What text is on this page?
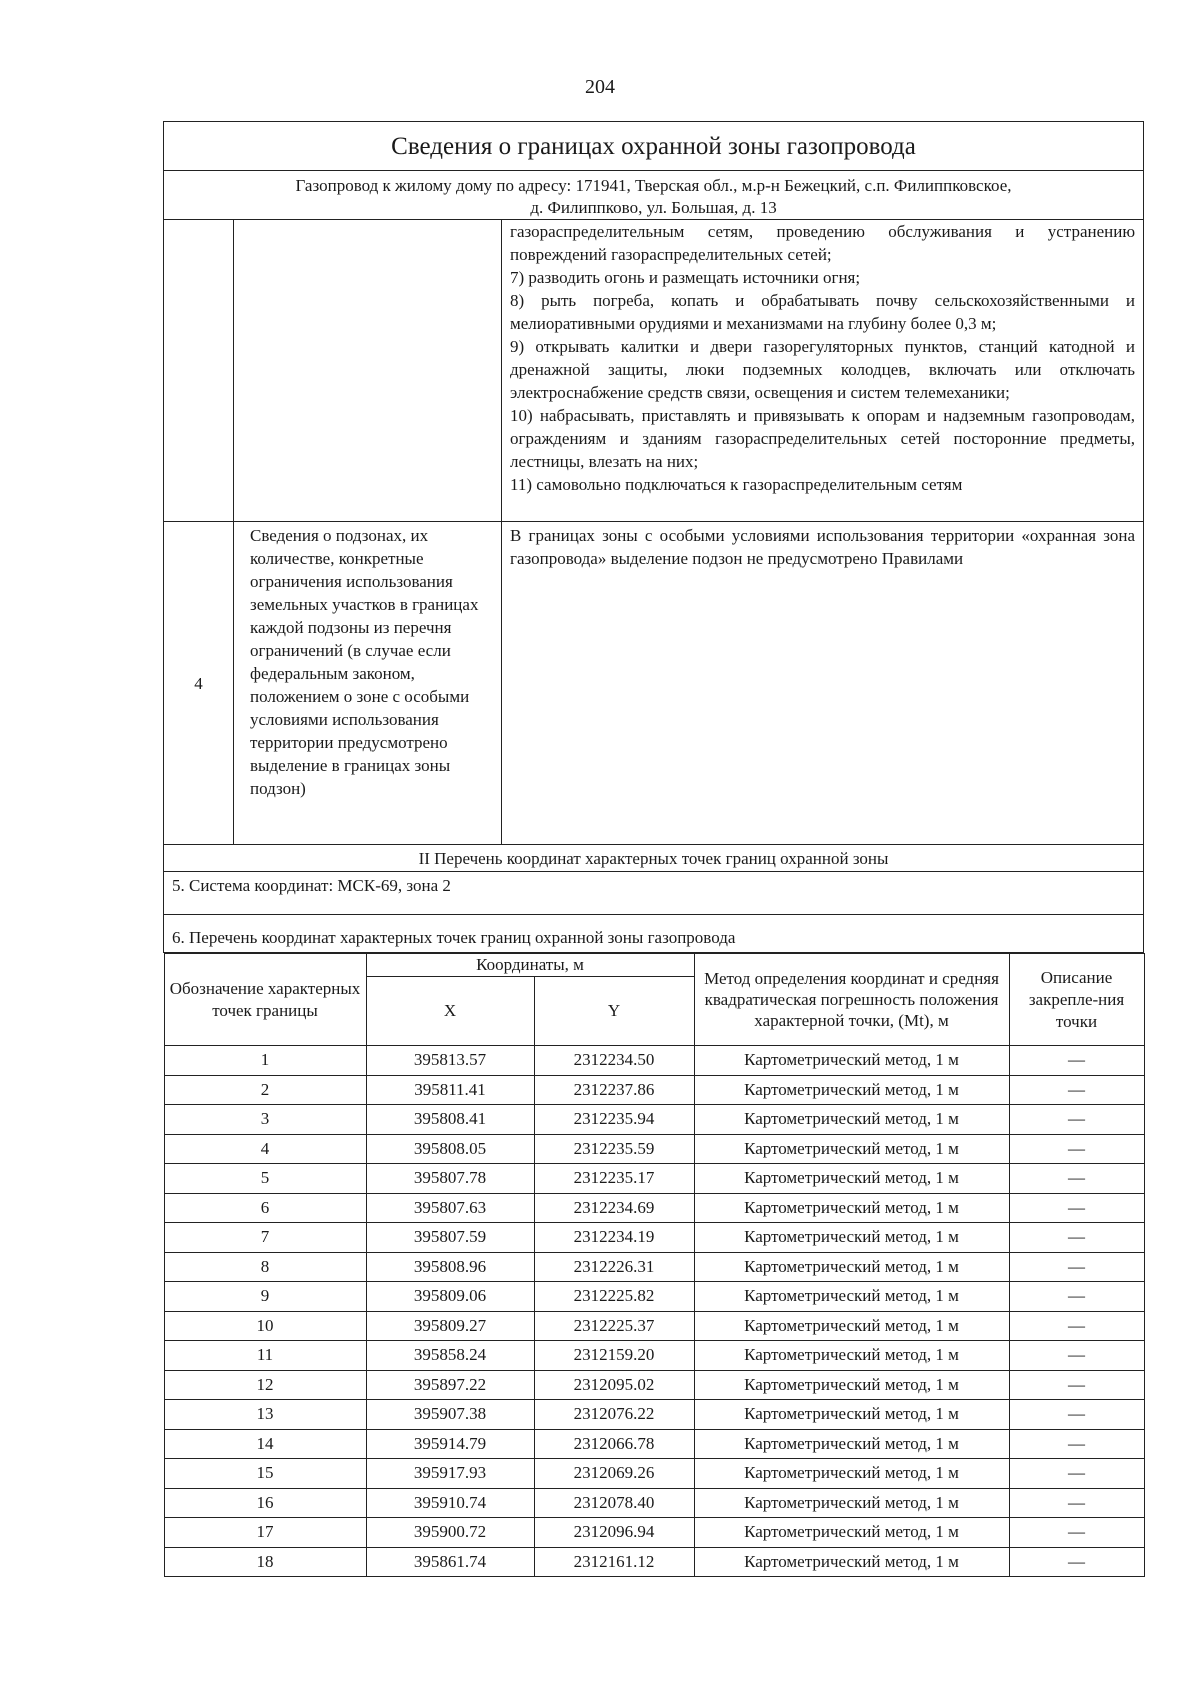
204
Сведения о границах охранной зоны газопровода

Газопровод к жилому дому по адресу: 171941, Тверская обл., м.р-н Бежецкий, с.п. Филиппковское,
д. Филиппково, ул. Большая, д. 13

газораспределительным сетям, проведению обслуживания и устранению повреждений газораспределительных сетей;

7) разводить огонь и размещать источники огня;

8) рыть погреба, копать и обрабатывать почву сельскохозяйственными и мелиоративными орудиями и механизмами на глубину более 0,3 м;

9) открывать калитки и двери газорегуляторных пунктов, станций катодной и дренажной защиты, люки подземных колодцев, включать или отключать электроснабжение средств связи, освещения и систем телемеханики;

10) набрасывать, приставлять и привязывать к опорам и надземным газопроводам, ограждениям и зданиям газораспределительных сетей посторонние предметы, лестницы, влезать на них;

11) самовольно подключаться к газораспределительным сетям

4	Сведения о подзонах, их количестве, конкретные ограничения использования земельных участков в границах каждой подзоны из перечня ограничений (в случае если федеральным законом, положением о зоне с особыми условиями использования территории предусмотрено выделение в границах зоны подзон)	В границах зоны с особыми условиями использования территории «охранная зона газопровода» выделение подзон не предусмотрено Правилами
II Перечень координат характерных точек границ охранной зоны
5. Система координат: МСК-69, зона 2
6. Перечень координат характерных точек границ охранной зоны газопровода

Обозначение характерных точек границы	Координаты, м	Метод определения координат и средняя квадратическая погрешность положения характерной точки, (Mt), м	Описание закрепле-ния точки
X	Y
1	395813.57	2312234.50	Картометрический метод, 1 м	—
2	395811.41	2312237.86	Картометрический метод, 1 м	—
3	395808.41	2312235.94	Картометрический метод, 1 м	—
4	395808.05	2312235.59	Картометрический метод, 1 м	—
5	395807.78	2312235.17	Картометрический метод, 1 м	—
6	395807.63	2312234.69	Картометрический метод, 1 м	—
7	395807.59	2312234.19	Картометрический метод, 1 м	—
8	395808.96	2312226.31	Картометрический метод, 1 м	—
9	395809.06	2312225.82	Картометрический метод, 1 м	—
10	395809.27	2312225.37	Картометрический метод, 1 м	—
11	395858.24	2312159.20	Картометрический метод, 1 м	—
12	395897.22	2312095.02	Картометрический метод, 1 м	—
13	395907.38	2312076.22	Картометрический метод, 1 м	—
14	395914.79	2312066.78	Картометрический метод, 1 м	—
15	395917.93	2312069.26	Картометрический метод, 1 м	—
16	395910.74	2312078.40	Картометрический метод, 1 м	—
17	395900.72	2312096.94	Картометрический метод, 1 м	—
18	395861.74	2312161.12	Картометрический метод, 1 м	—
